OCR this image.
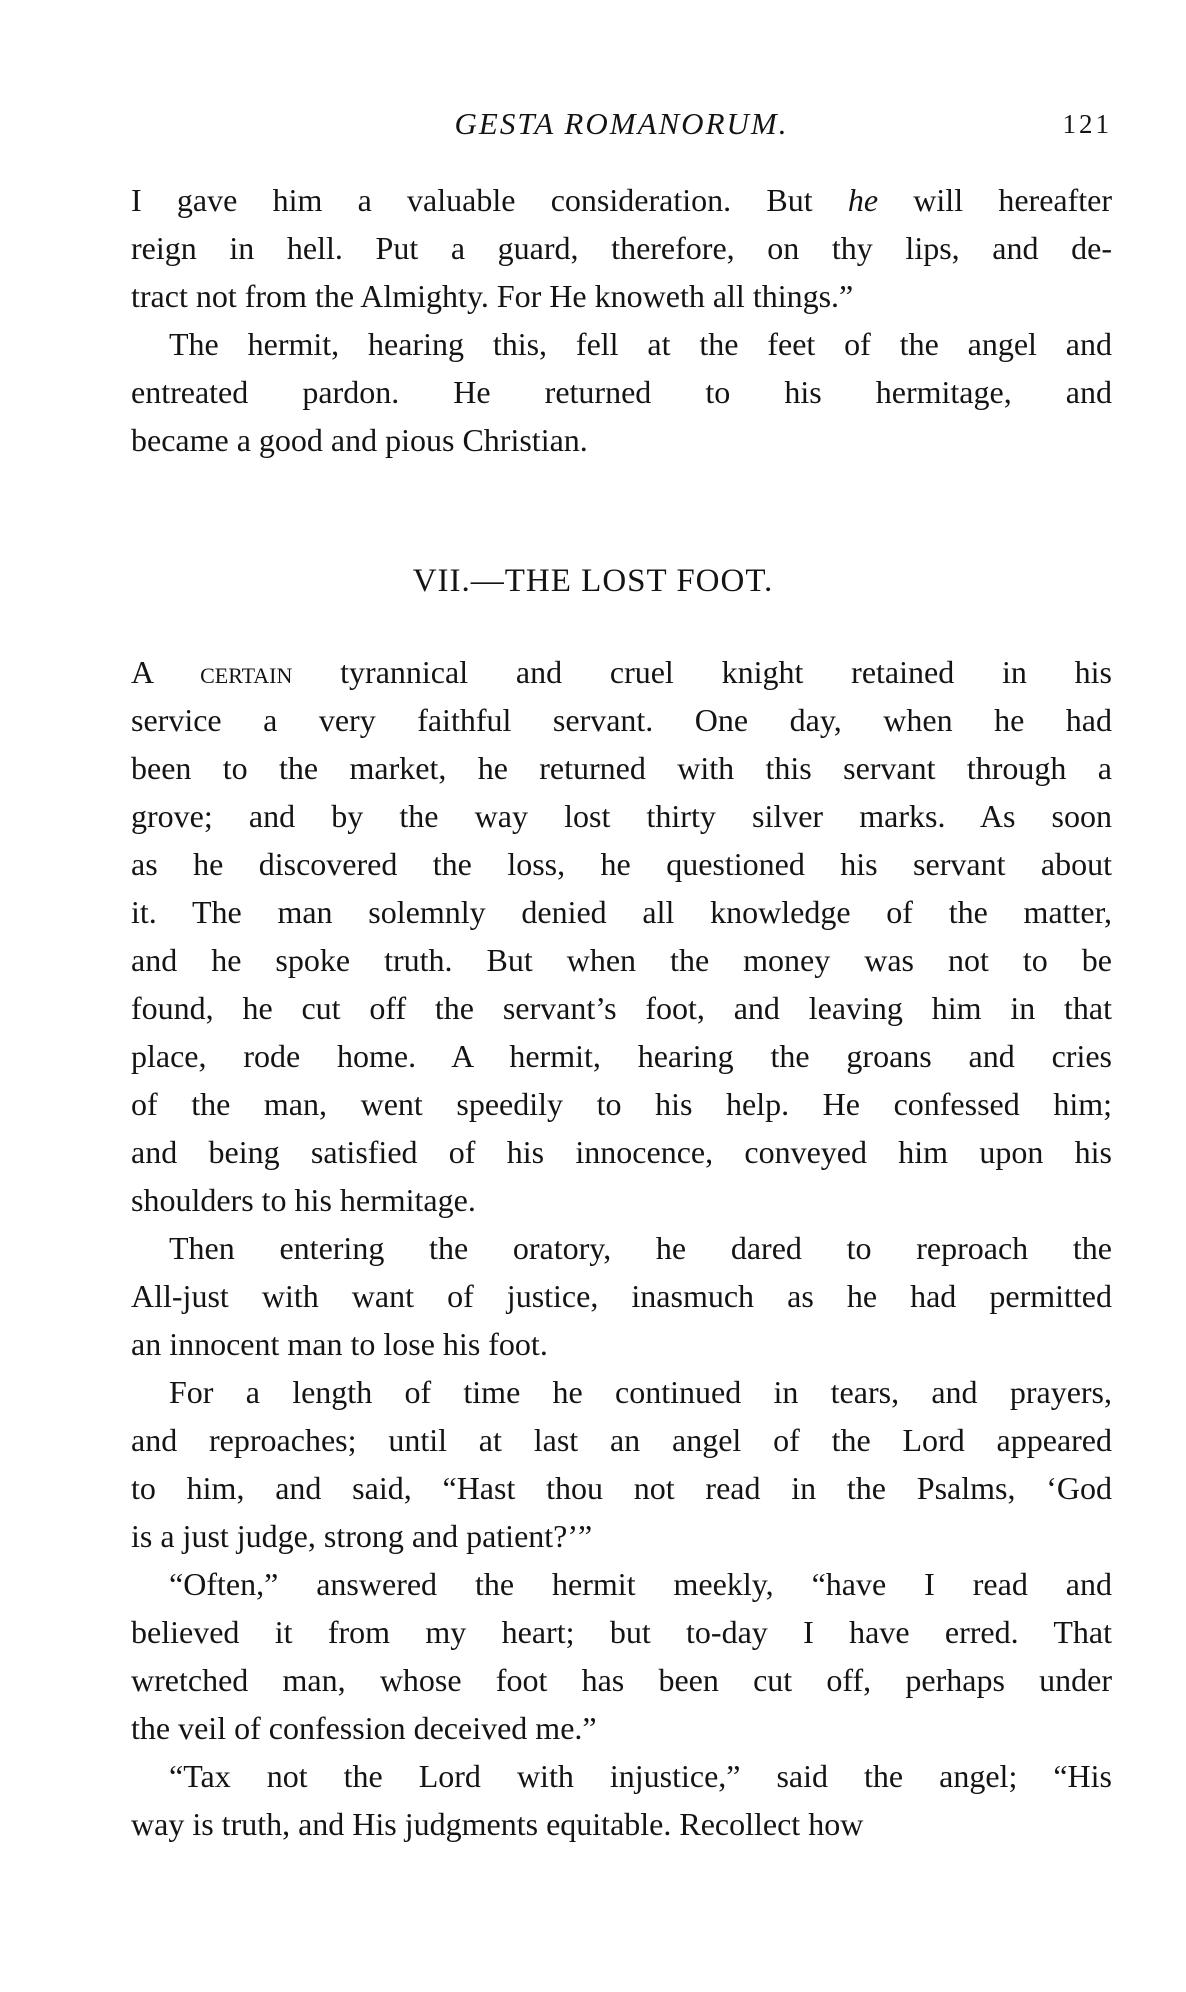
GESTA ROMANORUM.	121
I gave him a valuable consideration. But he will hereafter
reign in hell. Put a guard, therefore, on thy lips, and de-
tract not from the Almighty. For He knoweth all things.”
The hermit, hearing this, fell at the feet of the angel and
entreated pardon. He returned to his hermitage, and
became a good and pious Christian.
VII.—THE LOST FOOT.
A certain tyrannical and cruel knight retained in his
service a very faithful servant. One day, when he had
been to the market, he returned with this servant through a
grove; and by the way lost thirty silver marks. As soon
as he discovered the loss, he questioned his servant about
it. The man solemnly denied all knowledge of the matter,
and he spoke truth. But when the money was not to be
found, he cut off the servant’s foot, and leaving him in that
place, rode home. A hermit, hearing the groans and cries
of the man, went speedily to his help. He confessed him;
and being satisfied of his innocence, conveyed him upon his
shoulders to his hermitage.
Then entering the oratory, he dared to reproach the
All-just with want of justice, inasmuch as he had permitted
an innocent man to lose his foot.
For a length of time he continued in tears, and prayers,
and reproaches; until at last an angel of the Lord appeared
to him, and said, “Hast thou not read in the Psalms, ‘God
is a just judge, strong and patient?’”
“Often,” answered the hermit meekly, “have I read and
believed it from my heart; but to-day I have erred. That
wretched man, whose foot has been cut off, perhaps under
the veil of confession deceived me.”
“Tax not the Lord with injustice,” said the angel; “His
way is truth, and His judgments equitable. Recollect how
